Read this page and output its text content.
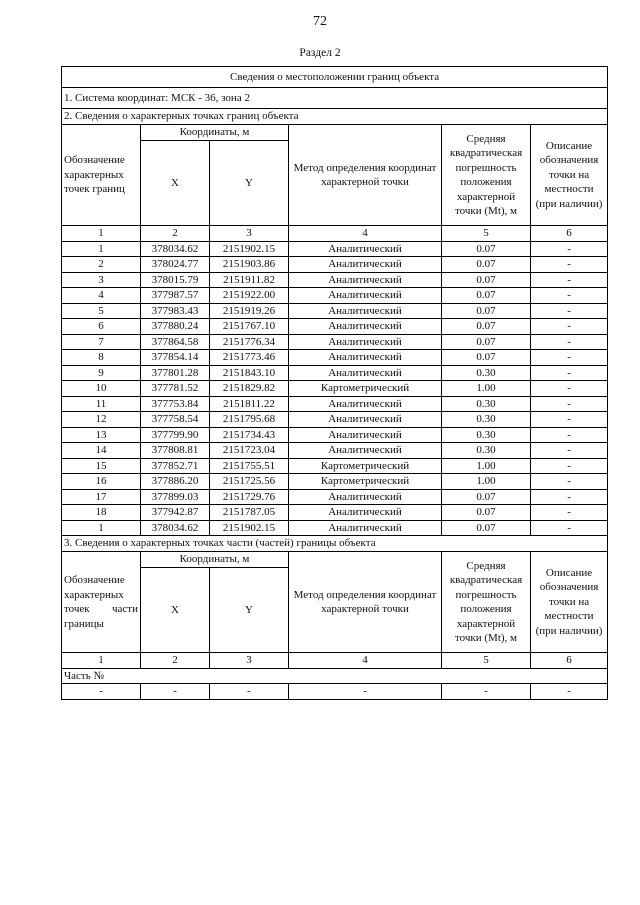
72
Раздел 2
Сведения о местоположении границ объекта					
1. Система координат: МСК - 36, зона 2					
2. Сведения о характерных точках границ объекта					
Обозначение характерных точек границ	Координаты, м		Метод определения координат характерной точки	Средняя квадратическая погрешность положения характерной точки (Mt), м	Описание обозначения точки на местности (при наличии)
	X	Y			
1	2	3	4	5	6
1	378034.62	2151902.15	Аналитический	0.07	-
2	378024.77	2151903.86	Аналитический	0.07	-
3	378015.79	2151911.82	Аналитический	0.07	-
4	377987.57	2151922.00	Аналитический	0.07	-
5	377983.43	2151919.26	Аналитический	0.07	-
6	377880.24	2151767.10	Аналитический	0.07	-
7	377864.58	2151776.34	Аналитический	0.07	-
8	377854.14	2151773.46	Аналитический	0.07	-
9	377801.28	2151843.10	Аналитический	0.30	-
10	377781.52	2151829.82	Картометрический	1.00	-
11	377753.84	2151811.22	Аналитический	0.30	-
12	377758.54	2151795.68	Аналитический	0.30	-
13	377799.90	2151734.43	Аналитический	0.30	-
14	377808.81	2151723.04	Аналитический	0.30	-
15	377852.71	2151755.51	Картометрический	1.00	-
16	377886.20	2151725.56	Картометрический	1.00	-
17	377899.03	2151729.76	Аналитический	0.07	-
18	377942.87	2151787.05	Аналитический	0.07	-
1	378034.62	2151902.15	Аналитический	0.07	-
3. Сведения о характерных точках части (частей) границы объекта					
Обозначение характерных точек части границы	Координаты, м		Метод определения координат характерной точки	Средняя квадратическая погрешность положения характерной точки (Mt), м	Описание обозначения точки на местности (при наличии)
	X	Y			
1	2	3	4	5	6
Часть №					
-	-	-	-	-	-
